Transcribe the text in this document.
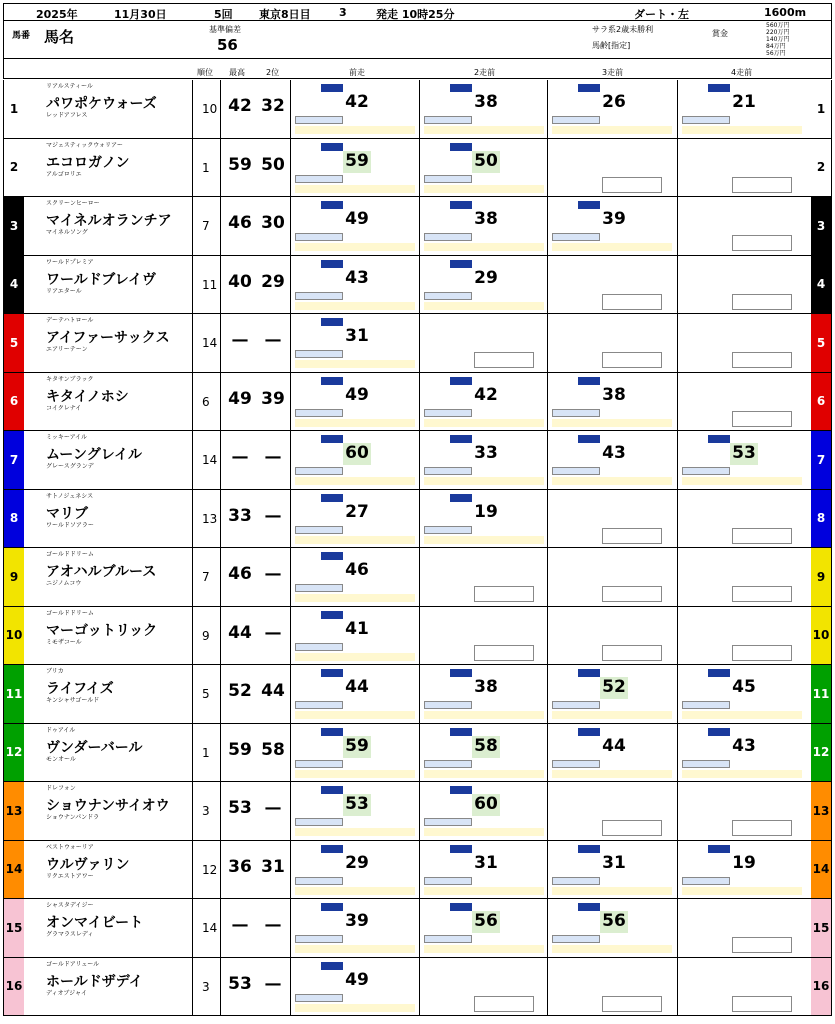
2025年	11月30日	5回 東京8日目	3	発走 10時25分	ダート・左	1600m
馬番 馬名	基準偏差
56
サラ系2歳未勝利
馬齢[指定]
賞金
560万円
220万円
140万円
84万円
56万円
順位 最高	2位	前走	2走前	3走前	4走前
1	1
リアルスティール
パワポケウォーズ
レッドアフレス	10 42 32	42	38	26	21
2	2
マジェスティックウォリアー
エコロガノン
アルゴロリエ	1 59 50	59	50
3	3
スクリーンヒーロー
マイネルオランチア
マイネルソング	7 46 30	49	38	39
4	4
ワールドプレミア
ワールドブレイヴ
リアエタール	11 40 29	43	29
5	5
デーテハトロール
アイファーサックス
エアリーテーン	14 — —	31
6	6
キタサンブラック
キタイノホシ
コイクレナイ	6 49 39	49	42	38
7	7
ミッキーアイル
ムーングレイル
グレースグランデ	14 — —	60	33	43	53
8	8
サトノジュネシス
マリブ
ワールドソアラー	13 33 —	27	19
9	9
ゴールドドリーム
アオハルブルース
ニジノムコウ	7 46 —	46
10	10
ゴールドドリーム
マーゴットリック
ミモザコール	9 44 —	41
11	11
ブリカ
ライフイズ
キンシャサゴールド	5 52 44	44	38	52	45
12	12
ドゥアイル
ヴンダーバール
モンオール	1 59 58	59	58	44	43
13	13
ドレフォン
ショウナンサイオウ
ショウナンパンドラ	3 53 —	53	60
14	14
ベストウォーリア
ウルヴァリン
リクエストアワー	12 36 31	29	31	31	19
15	15
シャスタデイジー
オンマイビート
グラマラスレディ	14 — —	39	56	56
16	16
ゴールドアリュール
ホールドザデイ
ディオブジャイ	3 53 —	49
